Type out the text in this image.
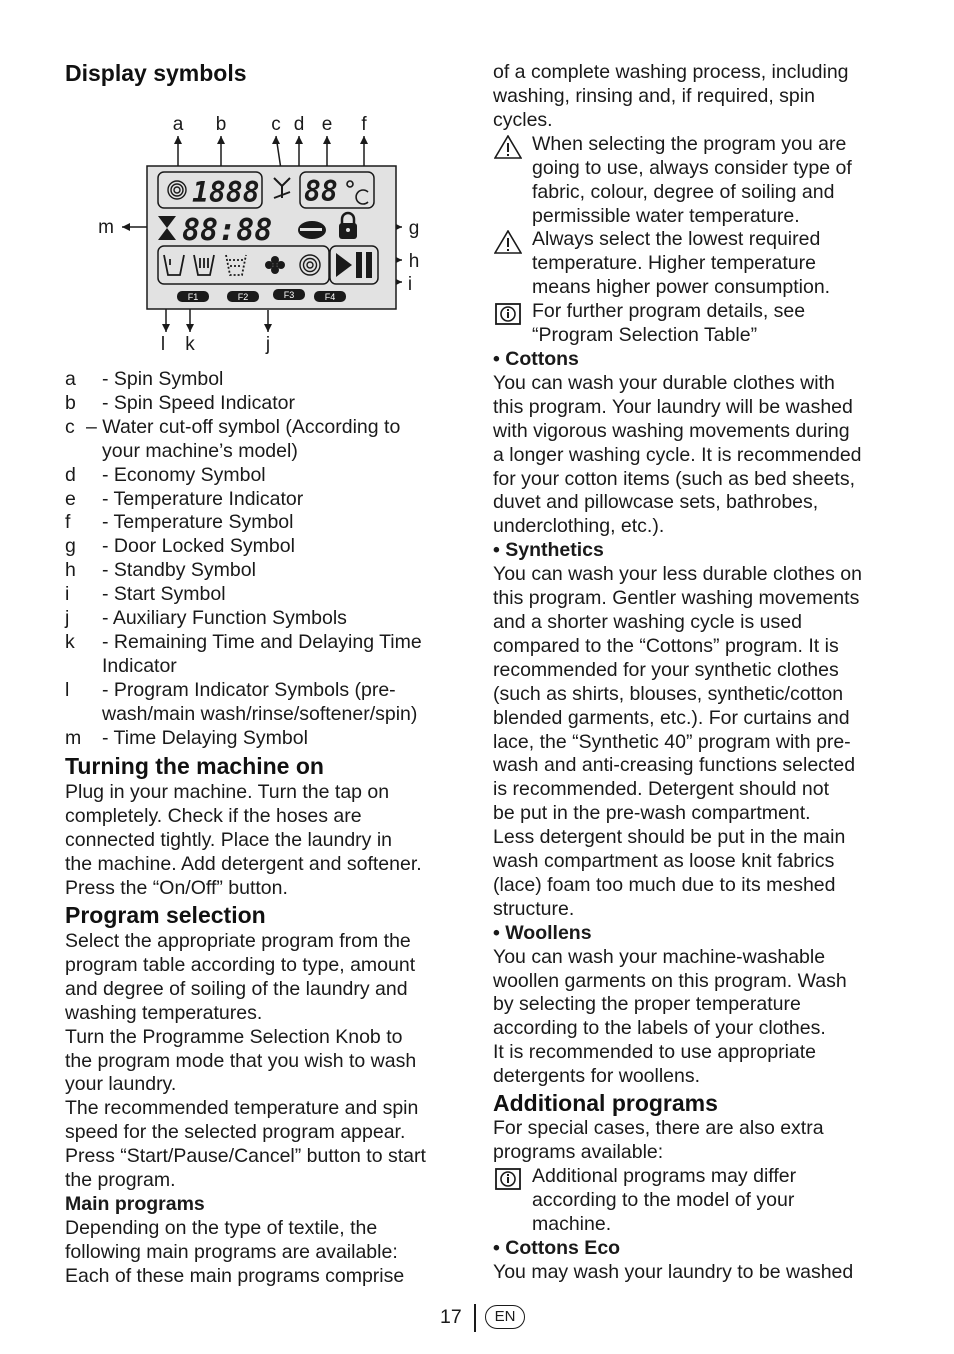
Display symbols
a - Spin Symbol
b - Spin Speed Indicator
c – Water cut-off symbol (According to
your machine’s model)
d - Economy Symbol
e - Temperature Indicator
f - Temperature Symbol
g - Door Locked Symbol
h - Standby Symbol
i - Start Symbol
j - Auxiliary Function Symbols
k - Remaining Time and Delaying Time
Indicator
l - Program Indicator Symbols (pre-
wash/main wash/rinse/softener/spin)
m - Time Delaying Symbol
Turning the machine on
Plug in your machine. Turn the tap on
completely. Check if the hoses are
connected tightly. Place the laundry in
the machine. Add detergent and softener.
Press the “On/Off” button.
Program selection
Select the appropriate program from the
program table according to type, amount
and degree of soiling of the laundry and
washing temperatures.
Turn the Programme Selection Knob to
the program mode that you wish to wash
your laundry.
The recommended temperature and spin
speed for the selected program appear.
Press “Start/Pause/Cancel” button to start
the program.
Main programs
Depending on the type of textile, the
following main programs are available:
Each of these main programs comprise
a b c d e f
m	g
h
i
l k	j
1888 88
88:88
F1	F2	F3	F4
of a complete washing process, including
washing, rinsing and, if required, spin
cycles.
When selecting the program you are
going to use, always consider type of
fabric, colour, degree of soiling and
permissible water temperature.
Always select the lowest required
temperature. Higher temperature
means higher power consumption.
For further program details, see
“Program Selection Table”
• Cottons
You can wash your durable clothes with
this program. Your laundry will be washed
with vigorous washing movements during
a longer washing cycle. It is recommended
for your cotton items (such as bed sheets,
duvet and pillowcase sets, bathrobes,
underclothing, etc.).
• Synthetics
You can wash your less durable clothes on
this program. Gentler washing movements
and a shorter washing cycle is used
compared to the “Cottons” program. It is
recommended for your synthetic clothes
(such as shirts, blouses, synthetic/cotton
blended garments, etc.). For curtains and
lace, the “Synthetic 40” program with pre-
wash and anti-creasing functions selected
is recommended. Detergent should not
be put in the pre-wash compartment.
Less detergent should be put in the main
wash compartment as loose knit fabrics
(lace) foam too much due to its meshed
structure.
• Woollens
You can wash your machine-washable
woollen garments on this program. Wash
by selecting the proper temperature
according to the labels of your clothes.
It is recommended to use appropriate
detergents for woollens.
Additional programs
For special cases, there are also extra
programs available:
Additional programs may differ
according to the model of your
machine.
• Cottons Eco
You may wash your laundry to be washed
17	EN
